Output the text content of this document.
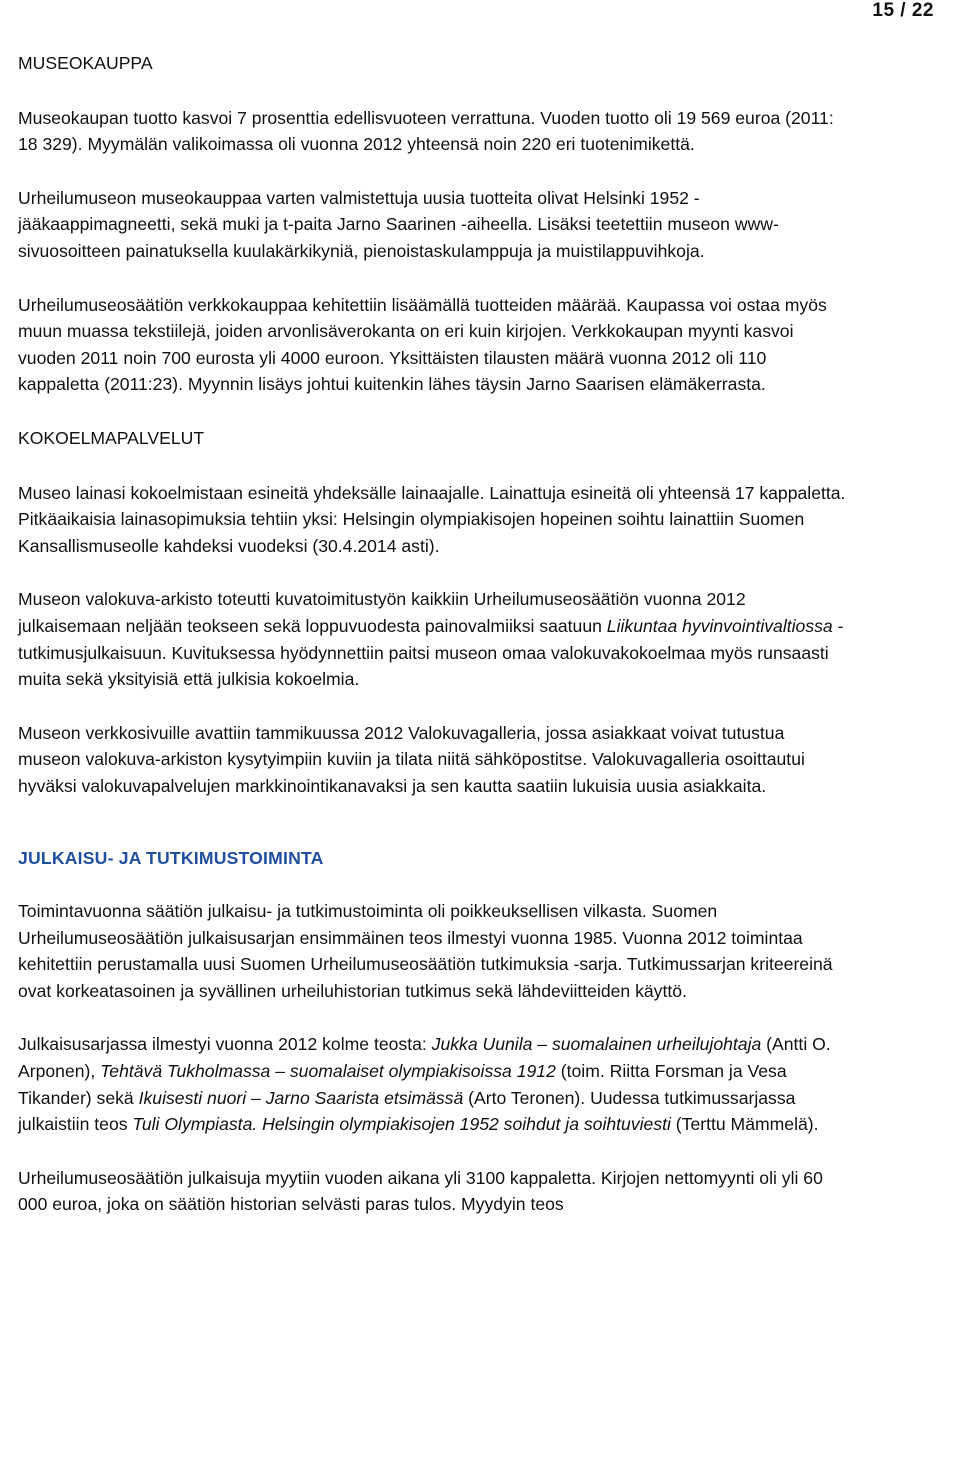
15 / 22
MUSEOKAUPPA

Museokaupan tuotto kasvoi 7 prosenttia edellisvuoteen verrattuna. Vuoden tuotto oli 19 569 euroa (2011: 18 329). Myymälän valikoimassa oli vuonna 2012 yhteensä noin 220 eri tuotenimikettä.

Urheilumuseon museokauppaa varten valmistettuja uusia tuotteita olivat Helsinki 1952 -jääkaappimagneetti, sekä muki ja t-paita Jarno Saarinen -aiheella. Lisäksi teetettiin museon www-sivuosoitteen painatuksella kuulakärkikyniä, pienoistaskulamppuja ja muistilappuvihkoja.

Urheilumuseosäätiön verkkokauppaa kehitettiin lisäämällä tuotteiden määrää. Kaupassa voi ostaa myös muun muassa tekstiilejä, joiden arvonlisäverokanta on eri kuin kirjojen. Verkkokaupan myynti kasvoi vuoden 2011 noin 700 eurosta yli 4000 euroon. Yksittäisten tilausten määrä vuonna 2012 oli 110 kappaletta (2011:23). Myynnin lisäys johtui kuitenkin lähes täysin Jarno Saarisen elämäkerrasta.

KOKOELMAPALVELUT

Museo lainasi kokoelmistaan esineitä yhdeksälle lainaajalle. Lainattuja esineitä oli yhteensä 17 kappaletta. Pitkäaikaisia lainasopimuksia tehtiin yksi: Helsingin olympiakisojen hopeinen soihtu lainattiin Suomen Kansallismuseolle kahdeksi vuodeksi (30.4.2014 asti).

Museon valokuva-arkisto toteutti kuvatoimitustyön kaikkiin Urheilumuseosäätiön vuonna 2012 julkaisemaan neljään teokseen sekä loppuvuodesta painovalmiiksi saatuun Liikuntaa hyvinvointivaltiossa -tutkimusjulkaisuun. Kuvituksessa hyödynnettiin paitsi museon omaa valokuvakokoelmaa myös runsaasti muita sekä yksityisiä että julkisia kokoelmia.

Museon verkkosivuille avattiin tammikuussa 2012 Valokuvagalleria, jossa asiakkaat voivat tutustua museon valokuva-arkiston kysytyimpiin kuviin ja tilata niitä sähköpostitse. Valokuvagalleria osoittautui hyväksi valokuvapalvelujen markkinointikanavaksi ja sen kautta saatiin lukuisia uusia asiakkaita.

JULKAISU- JA TUTKIMUSTOIMINTA

Toimintavuonna säätiön julkaisu- ja tutkimustoiminta oli poikkeuksellisen vilkasta. Suomen Urheilumuseosäätiön julkaisusarjan ensimmäinen teos ilmestyi vuonna 1985. Vuonna 2012 toimintaa kehitettiin perustamalla uusi Suomen Urheilumuseosäätiön tutkimuksia -sarja. Tutkimussarjan kriteereinä ovat korkeatasoinen ja syvällinen urheiluhistorian tutkimus sekä lähdeviitteiden käyttö.

Julkaisusarjassa ilmestyi vuonna 2012 kolme teosta: Jukka Uunila – suomalainen urheilujohtaja (Antti O. Arponen), Tehtävä Tukholmassa – suomalaiset olympiakisoissa 1912 (toim. Riitta Forsman ja Vesa Tikander) sekä Ikuisesti nuori – Jarno Saarista etsimässä (Arto Teronen). Uudessa tutkimussarjassa julkaistiin teos Tuli Olympiasta. Helsingin olympiakisojen 1952 soihdut ja soihtuviesti (Terttu Mämmelä).

Urheilumuseosäätiön julkaisuja myytiin vuoden aikana yli 3100 kappaletta. Kirjojen nettomyynti oli yli 60 000 euroa, joka on säätiön historian selvästi paras tulos. Myydyin teos
